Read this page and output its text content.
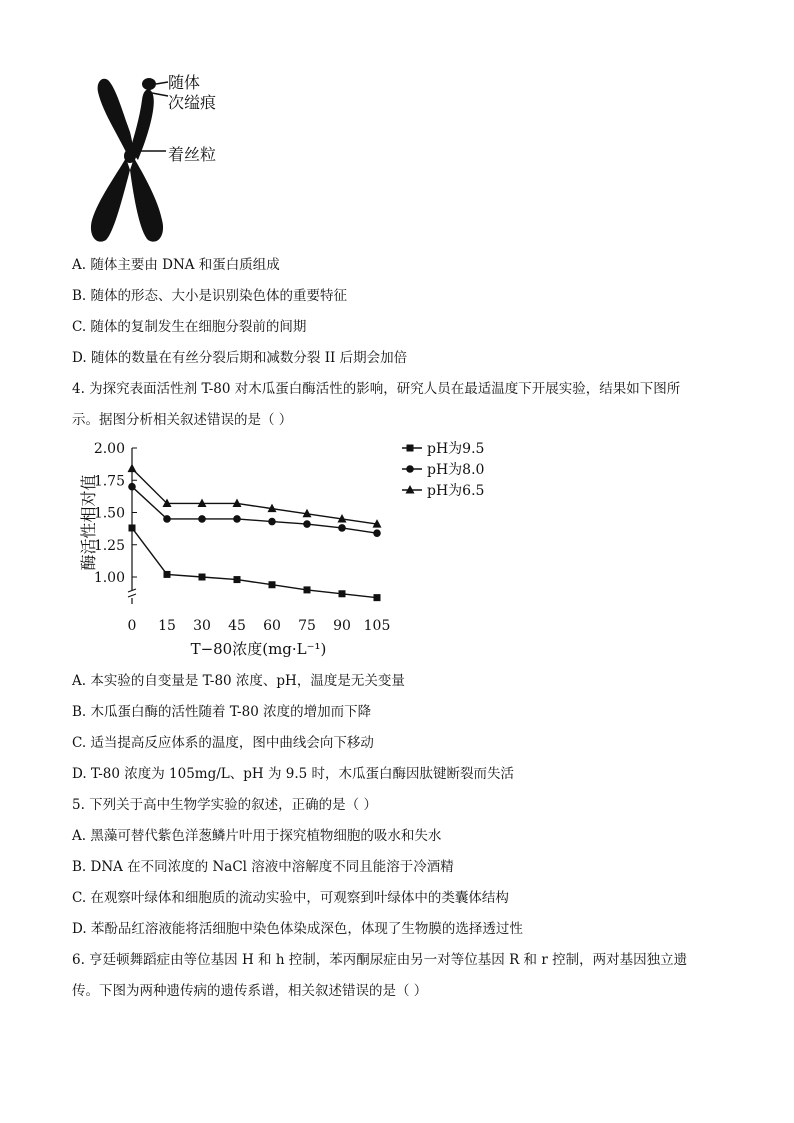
随体
次缢痕
着丝粒
A. 随体主要由 DNA 和蛋白质组成
B. 随体的形态、大小是识别染色体的重要特征
C. 随体的复制发生在细胞分裂前的间期
D. 随体的数量在有丝分裂后期和减数分裂 II 后期会加倍
4. 为探究表面活性剂 T-80 对木瓜蛋白酶活性的影响，研究人员在最适温度下开展实验，结果如下图所
示。据图分析相关叙述错误的是（ ）
1.00
1.25
1.50
1.75
2.00
0 15 30 45 60 75 90 105
T−80浓度(mg·L⁻¹)
酶活性相对值
pH为9.5
pH为8.0
pH为6.5
A. 本实验的自变量是 T-80 浓度、pH，温度是无关变量
B. 木瓜蛋白酶的活性随着 T-80 浓度的增加而下降
C. 适当提高反应体系的温度，图中曲线会向下移动
D. T-80 浓度为 105mg/L、pH 为 9.5 时，木瓜蛋白酶因肽键断裂而失活
5. 下列关于高中生物学实验的叙述，正确的是（ ）
A. 黑藻可替代紫色洋葱鳞片叶用于探究植物细胞的吸水和失水
B. DNA 在不同浓度的 NaCl 溶液中溶解度不同且能溶于冷酒精
C. 在观察叶绿体和细胞质的流动实验中，可观察到叶绿体中的类囊体结构
D. 苯酚品红溶液能将活细胞中染色体染成深色，体现了生物膜的选择透过性
6. 亨廷顿舞蹈症由等位基因 H 和 h 控制，苯丙酮尿症由另一对等位基因 R 和 r 控制，两对基因独立遗
传。下图为两种遗传病的遗传系谱，相关叙述错误的是（ ）
